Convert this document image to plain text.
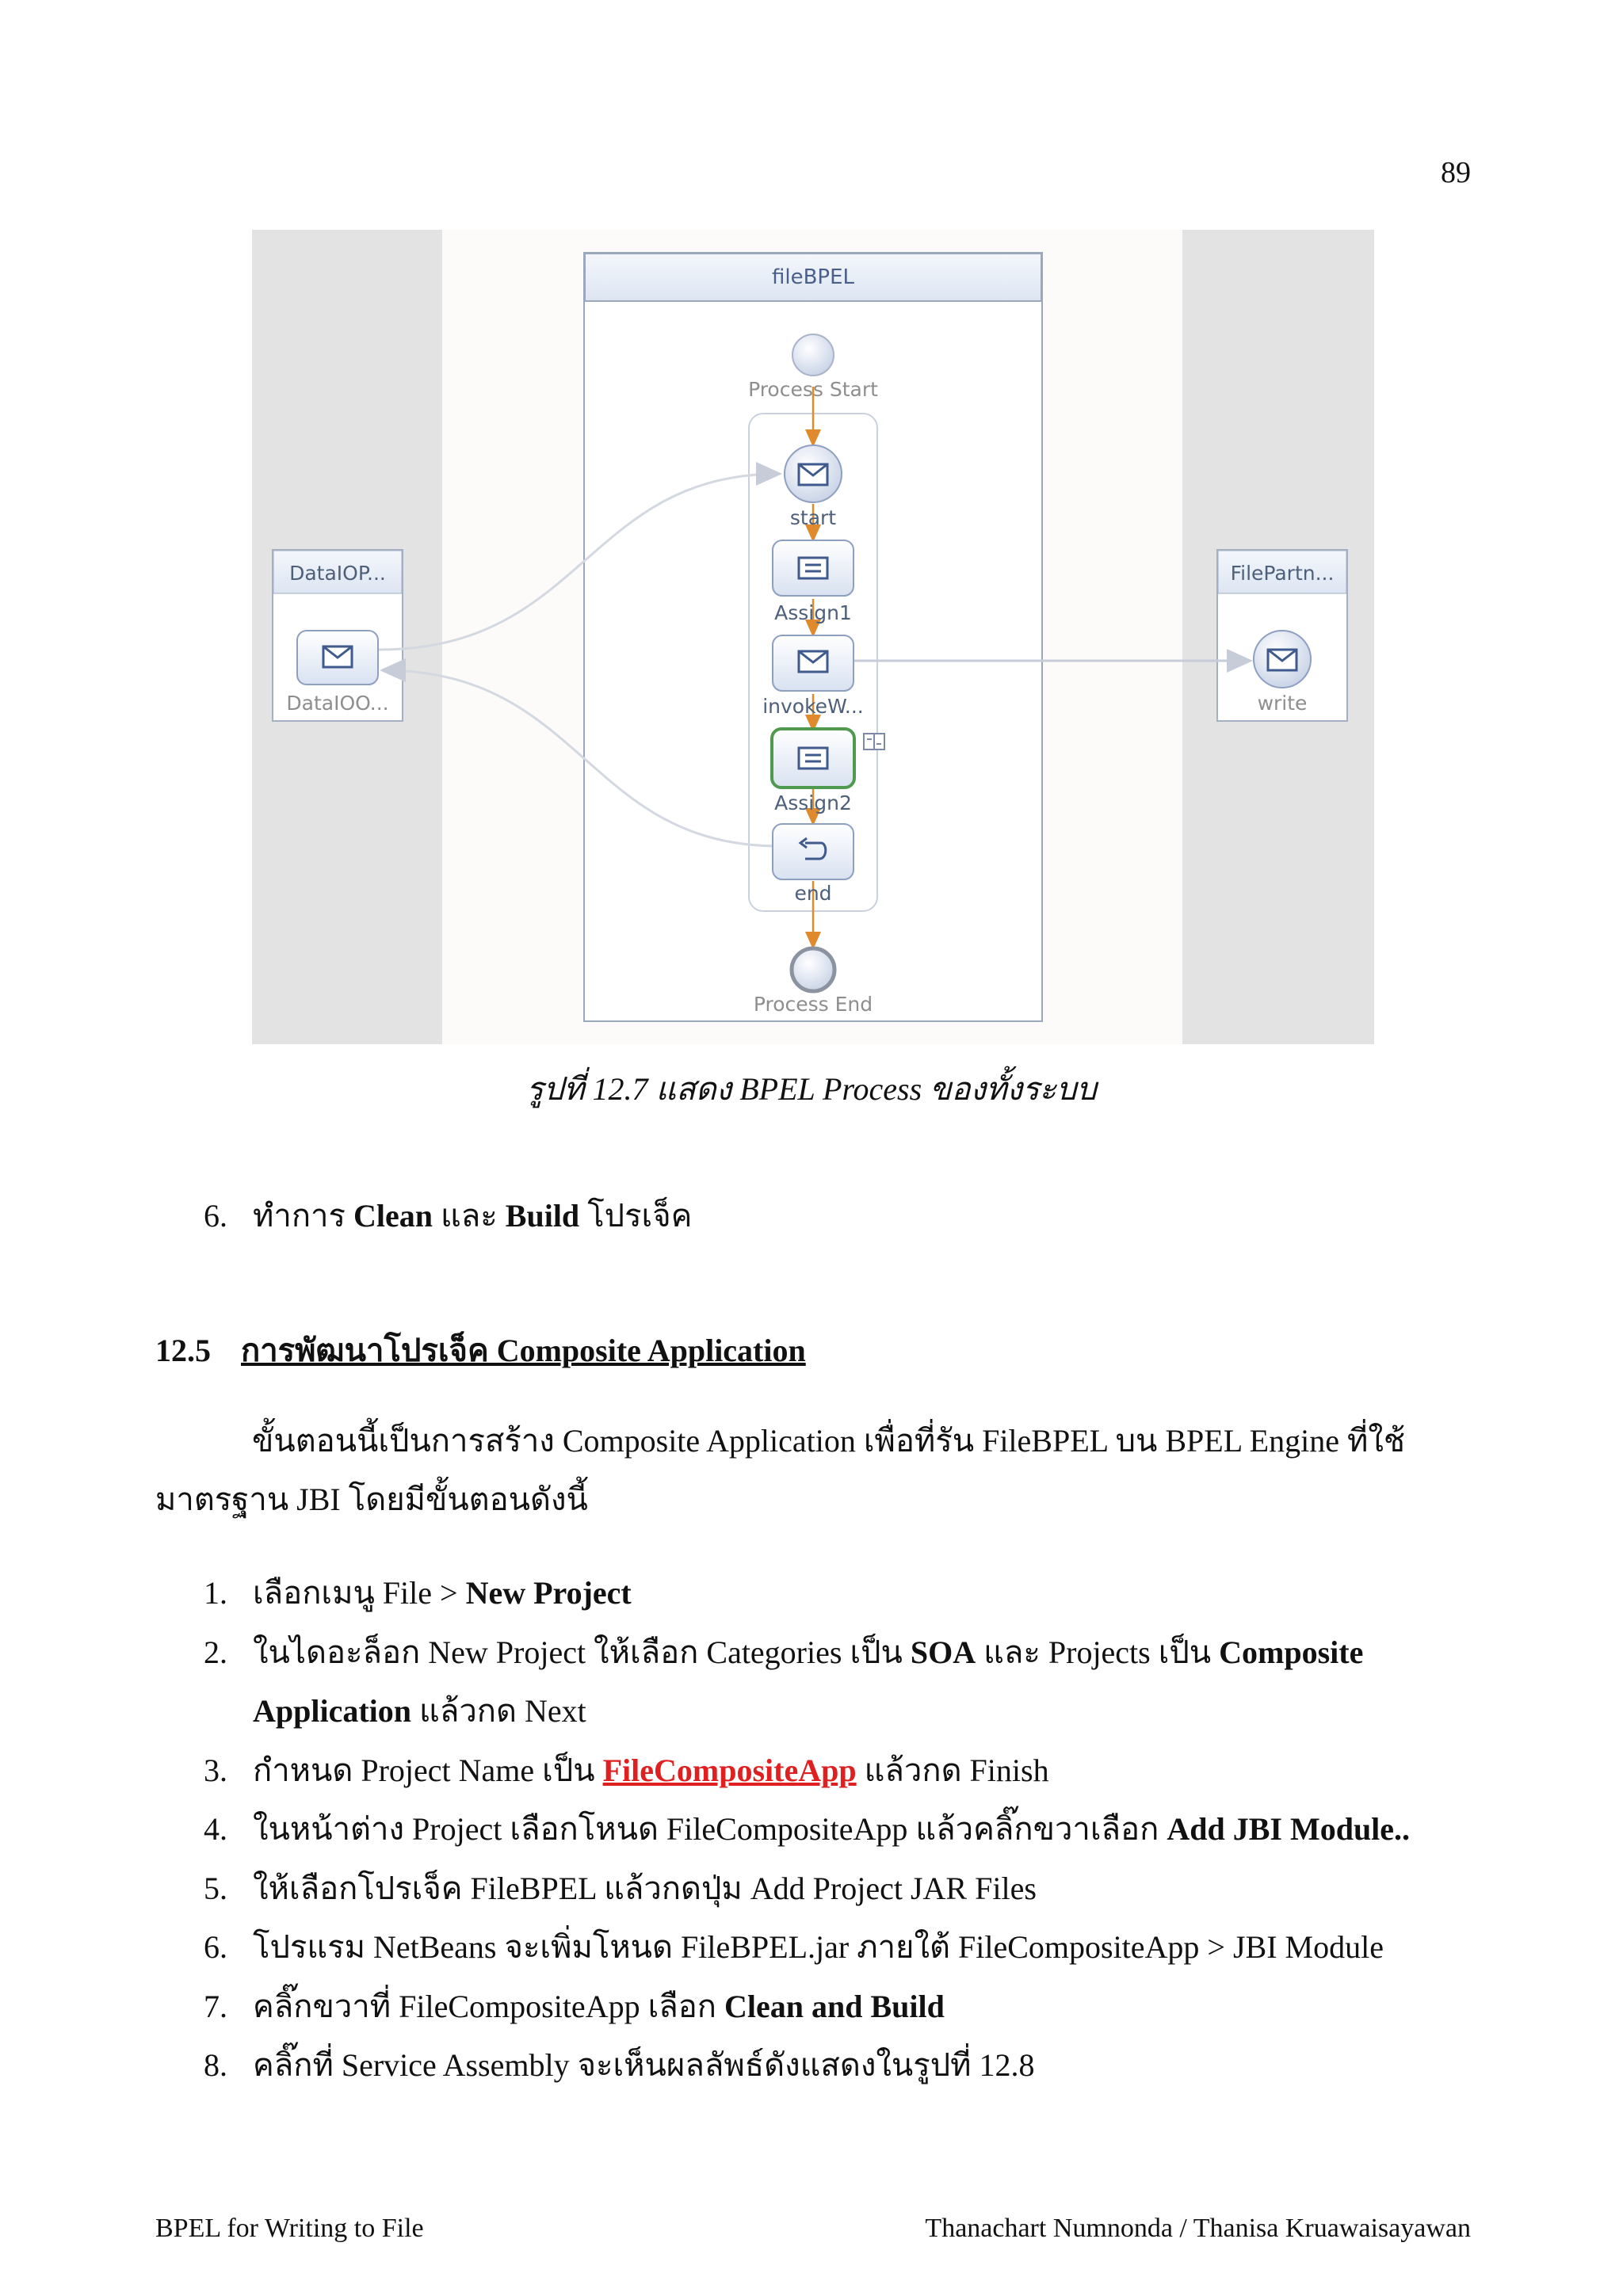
89
fileBPEL
DataIOP...
DataIOO...
FilePartn...
write
Process Start
start
Assign1
invokeW...
Assign2
end
Process End
รูปที่ 12.7 แสดง BPEL Process ของทั้งระบบ
6. ทำการ Clean และ Build โปรเจ็ค
12.5 การพัฒนาโปรเจ็ค Composite Application
ขั้นตอนนี้เป็นการสร้าง Composite Application เพื่อที่รัน FileBPEL บน BPEL Engine ที่ใช้
มาตรฐาน JBI โดยมีขั้นตอนดังนี้
1. เลือกเมนู File > New Project
2. ในไดอะล็อก New Project ให้เลือก Categories เป็น SOA และ Projects เป็น Composite
Application แล้วกด Next
3. กำหนด Project Name เป็น FileCompositeApp แล้วกด Finish
4. ในหน้าต่าง Project เลือกโหนด FileCompositeApp แล้วคลิ๊กขวาเลือก Add JBI Module..
5. ให้เลือกโปรเจ็ค FileBPEL แล้วกดปุ่ม Add Project JAR Files
6. โปรแรม NetBeans จะเพิ่มโหนด FileBPEL.jar ภายใต้ FileCompositeApp > JBI Module
7. คลิ๊กขวาที่ FileCompositeApp เลือก Clean and Build
8. คลิ๊กที่ Service Assembly จะเห็นผลลัพธ์ดังแสดงในรูปที่ 12.8
BPEL for Writing to File	Thanachart Numnonda / Thanisa Kruawaisayawan
